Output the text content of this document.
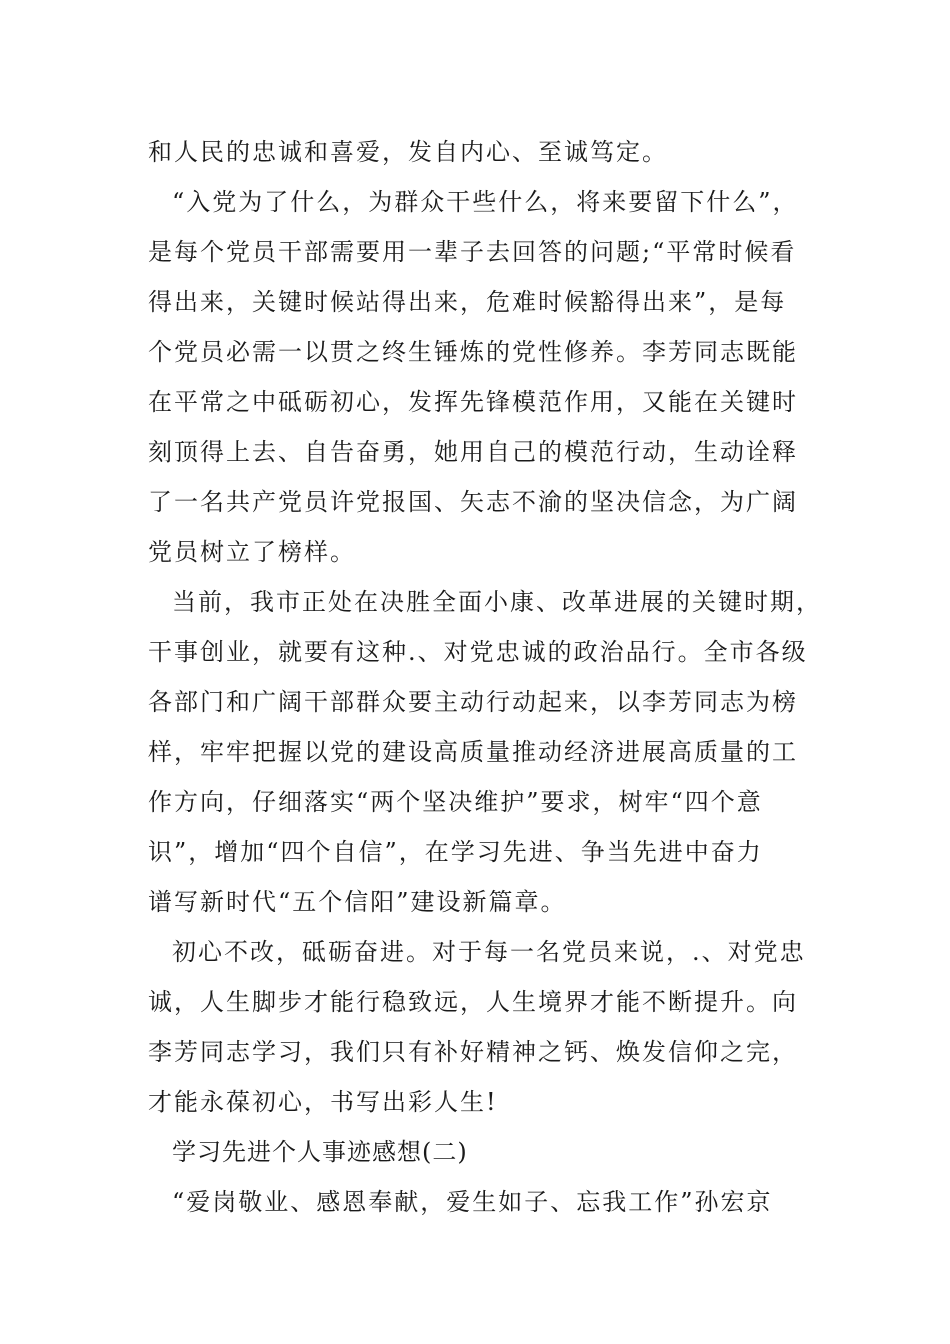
和人民的忠诚和喜爱，发自内心、至诚笃定。
“入党为了什么，为群众干些什么，将来要留下什么”，
是每个党员干部需要用一辈子去回答的问题;“平常时候看
得出来，关键时候站得出来，危难时候豁得出来”，是每
个党员必需一以贯之终生锤炼的党性修养。李芳同志既能
在平常之中砥砺初心，发挥先锋模范作用，又能在关键时
刻顶得上去、自告奋勇，她用自己的模范行动，生动诠释
了一名共产党员许党报国、矢志不渝的坚决信念，为广阔
党员树立了榜样。
当前，我市正处在决胜全面小康、改革进展的关键时期，
干事创业，就要有这种.、对党忠诚的政治品行。全市各级
各部门和广阔干部群众要主动行动起来，以李芳同志为榜
样，牢牢把握以党的建设高质量推动经济进展高质量的工
作方向，仔细落实“两个坚决维护”要求，树牢“四个意
识”，增加“四个自信”，在学习先进、争当先进中奋力
谱写新时代“五个信阳”建设新篇章。
初心不改，砥砺奋进。对于每一名党员来说，.、对党忠
诚，人生脚步才能行稳致远，人生境界才能不断提升。向
李芳同志学习，我们只有补好精神之钙、焕发信仰之完，
才能永葆初心，书写出彩人生!
学习先进个人事迹感想(二)
“爱岗敬业、感恩奉献，爱生如子、忘我工作”孙宏京
